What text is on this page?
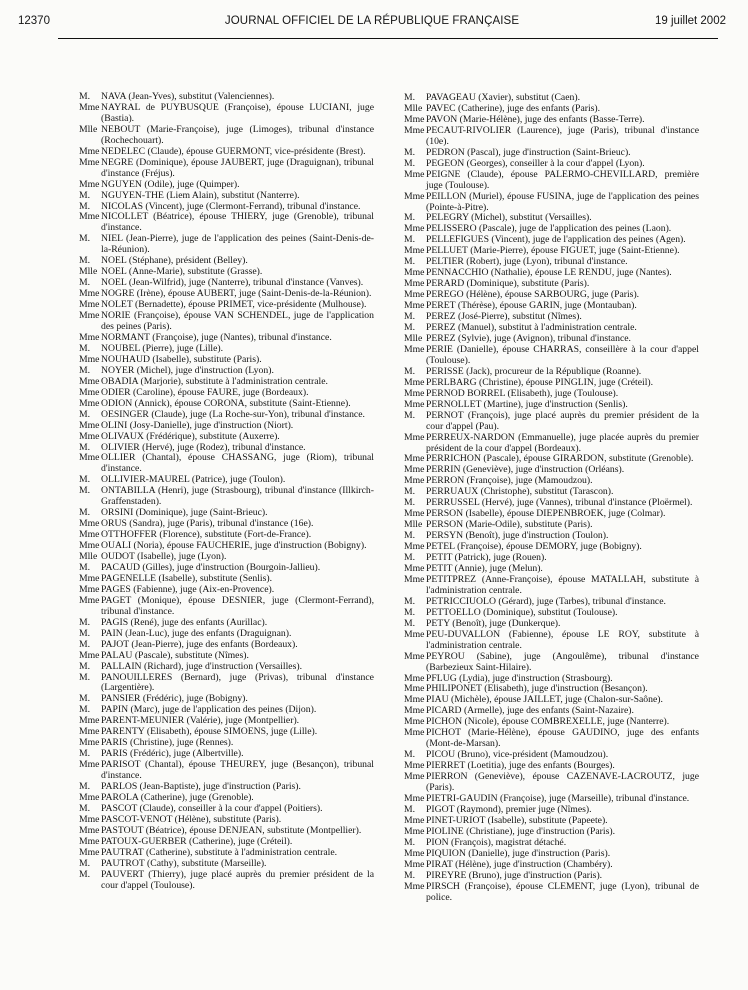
12370	JOURNAL OFFICIEL DE LA RÉPUBLIQUE FRANÇAISE	19 juillet 2002
M.	NAVA (Jean-Yves), substitut (Valenciennes).
Mme NAYRAL de PUYBUSQUE (Françoise), épouse LUCIANI, juge (Bastia).
Mlle NEBOUT (Marie-Françoise), juge (Limoges), tribunal d'instance (Rochechouart).
Mme NEDELEC (Claude), épouse GUERMONT, vice-présidente (Brest).
Mme NEGRE (Dominique), épouse JAUBERT, juge (Draguignan), tribunal d'instance (Fréjus).
Mme NGUYEN (Odile), juge (Quimper).
M.	NGUYEN-THE (Liem Alain), substitut (Nanterre).
M.	NICOLAS (Vincent), juge (Clermont-Ferrand), tribunal d'instance.
Mme NICOLLET (Béatrice), épouse THIERY, juge (Grenoble), tribunal d'instance.
M.	NIEL (Jean-Pierre), juge de l'application des peines (Saint-Denis-de-la-Réunion).
M.	NOEL (Stéphane), président (Belley).
Mlle NOEL (Anne-Marie), substitute (Grasse).
M.	NOEL (Jean-Wilfrid), juge (Nanterre), tribunal d'instance (Vanves).
Mme NOGRE (Irène), épouse AUBERT, juge (Saint-Denis-de-la-Réunion).
Mme NOLET (Bernadette), épouse PRIMET, vice-présidente (Mulhouse).
Mme NORIE (Françoise), épouse VAN SCHENDEL, juge de l'application des peines (Paris).
Mme NORMANT (Françoise), juge (Nantes), tribunal d'instance.
M.	NOUBEL (Pierre), juge (Lille).
Mme NOUHAUD (Isabelle), substitute (Paris).
M.	NOYER (Michel), juge d'instruction (Lyon).
Mme OBADIA (Marjorie), substitute à l'administration centrale.
Mme ODIER (Caroline), épouse FAURE, juge (Bordeaux).
Mme ODION (Annick), épouse CORONA, substitute (Saint-Etienne).
M.	OESINGER (Claude), juge (La Roche-sur-Yon), tribunal d'instance.
Mme OLINI (Josy-Danielle), juge d'instruction (Niort).
Mme OLIVAUX (Frédérique), substitute (Auxerre).
M.	OLIVIER (Hervé), juge (Rodez), tribunal d'instance.
Mme OLLIER (Chantal), épouse CHASSANG, juge (Riom), tribunal d'instance.
M.	OLLIVIER-MAUREL (Patrice), juge (Toulon).
M.	ONTABILLA (Henri), juge (Strasbourg), tribunal d'instance (Illkirch-Graffenstaden).
M.	ORSINI (Dominique), juge (Saint-Brieuc).
Mme ORUS (Sandra), juge (Paris), tribunal d'instance (16e).
Mme OTTHOFFER (Florence), substitute (Fort-de-France).
Mme OUALI (Noria), épouse FAUCHERIE, juge d'instruction (Bobigny).
Mlle OUDOT (Isabelle), juge (Lyon).
M.	PACAUD (Gilles), juge d'instruction (Bourgoin-Jallieu).
Mme PAGENELLE (Isabelle), substitute (Senlis).
Mme PAGES (Fabienne), juge (Aix-en-Provence).
Mme PAGET (Monique), épouse DESNIER, juge (Clermont-Ferrand), tribunal d'instance.
M.	PAGIS (René), juge des enfants (Aurillac).
M.	PAIN (Jean-Luc), juge des enfants (Draguignan).
M.	PAJOT (Jean-Pierre), juge des enfants (Bordeaux).
Mme PALAU (Pascale), substitute (Nîmes).
M.	PALLAIN (Richard), juge d'instruction (Versailles).
M.	PANOUILLERES (Bernard), juge (Privas), tribunal d'instance (Largentière).
M.	PANSIER (Frédéric), juge (Bobigny).
M.	PAPIN (Marc), juge de l'application des peines (Dijon).
Mme PARENT-MEUNIER (Valérie), juge (Montpellier).
Mme PARENTY (Elisabeth), épouse SIMOENS, juge (Lille).
Mme PARIS (Christine), juge (Rennes).
M.	PARIS (Frédéric), juge (Albertville).
Mme PARISOT (Chantal), épouse THEUREY, juge (Besançon), tribunal d'instance.
M.	PARLOS (Jean-Baptiste), juge d'instruction (Paris).
Mme PAROLA (Catherine), juge (Grenoble).
M.	PASCOT (Claude), conseiller à la cour d'appel (Poitiers).
Mme PASCOT-VENOT (Hélène), substitute (Paris).
Mme PASTOUT (Béatrice), épouse DENJEAN, substitute (Montpellier).
Mme PATOUX-GUERBER (Catherine), juge (Créteil).
Mme PAUTRAT (Catherine), substitute à l'administration centrale.
M.	PAUTROT (Cathy), substitute (Marseille).
M.	PAUVERT (Thierry), juge placé auprès du premier président de la cour d'appel (Toulouse).
M.	PAVAGEAU (Xavier), substitut (Caen).
Mlle PAVEC (Catherine), juge des enfants (Paris).
Mme PAVON (Marie-Hélène), juge des enfants (Basse-Terre).
Mme PECAUT-RIVOLIER (Laurence), juge (Paris), tribunal d'instance (10e).
M.	PEDRON (Pascal), juge d'instruction (Saint-Brieuc).
M.	PEGEON (Georges), conseiller à la cour d'appel (Lyon).
Mme PEIGNE (Claude), épouse PALERMO-CHEVILLARD, première juge (Toulouse).
Mme PEILLON (Muriel), épouse FUSINA, juge de l'application des peines (Pointe-à-Pitre).
M.	PELEGRY (Michel), substitut (Versailles).
Mme PELISSERO (Pascale), juge de l'application des peines (Laon).
M.	PELLEFIGUES (Vincent), juge de l'application des peines (Agen).
Mme PELLUET (Marie-Pierre), épouse FIGUET, juge (Saint-Etienne).
M.	PELTIER (Robert), juge (Lyon), tribunal d'instance.
Mme PENNACCHIO (Nathalie), épouse LE RENDU, juge (Nantes).
Mme PERARD (Dominique), substitute (Paris).
Mme PEREGO (Hélène), épouse SARBOURG, juge (Paris).
Mme PERET (Thérèse), épouse GARIN, juge (Montauban).
M.	PEREZ (José-Pierre), substitut (Nîmes).
M.	PEREZ (Manuel), substitut à l'administration centrale.
Mlle PEREZ (Sylvie), juge (Avignon), tribunal d'instance.
Mme PERIE (Danielle), épouse CHARRAS, conseillère à la cour d'appel (Toulouse).
M.	PERISSE (Jack), procureur de la République (Roanne).
Mme PERLBARG (Christine), épouse PINGLIN, juge (Créteil).
Mme PERNOD BORREL (Elisabeth), juge (Toulouse).
Mme PERNOLLET (Martine), juge d'instruction (Senlis).
M.	PERNOT (François), juge placé auprès du premier président de la cour d'appel (Pau).
Mme PERREUX-NARDON (Emmanuelle), juge placée auprès du premier président de la cour d'appel (Bordeaux).
Mme PERRICHON (Pascale), épouse GIRARDON, substitute (Grenoble).
Mme PERRIN (Geneviève), juge d'instruction (Orléans).
Mme PERRON (Françoise), juge (Mamoudzou).
M.	PERRUAUX (Christophe), substitut (Tarascon).
M.	PERRUSSEL (Hervé), juge (Vannes), tribunal d'instance (Ploërmel).
Mme PERSON (Isabelle), épouse DIEPENBROEK, juge (Colmar).
Mlle PERSON (Marie-Odile), substitute (Paris).
M.	PERSYN (Benoît), juge d'instruction (Toulon).
Mme PETEL (Françoise), épouse DEMORY, juge (Bobigny).
M.	PETIT (Patrick), juge (Rouen).
Mme PETIT (Annie), juge (Melun).
Mme PETITPREZ (Anne-Françoise), épouse MATALLAH, substitute à l'administration centrale.
M.	PETRICCIUOLO (Gérard), juge (Tarbes), tribunal d'instance.
M.	PETTOELLO (Dominique), substitut (Toulouse).
M.	PETY (Benoît), juge (Dunkerque).
Mme PEU-DUVALLON (Fabienne), épouse LE ROY, substitute à l'administration centrale.
Mme PEYROU (Sabine), juge (Angoulême), tribunal d'instance (Barbezieux Saint-Hilaire).
Mme PFLUG (Lydia), juge d'instruction (Strasbourg).
Mme PHILIPONET (Elisabeth), juge d'instruction (Besançon).
Mme PIAU (Michèle), épouse JAILLET, juge (Chalon-sur-Saône).
Mme PICARD (Armelle), juge des enfants (Saint-Nazaire).
Mme PICHON (Nicole), épouse COMBREXELLE, juge (Nanterre).
Mme PICHOT (Marie-Hélène), épouse GAUDINO, juge des enfants (Mont-de-Marsan).
M.	PICOU (Bruno), vice-président (Mamoudzou).
Mme PIERRET (Loetitia), juge des enfants (Bourges).
Mme PIERRON (Geneviève), épouse CAZENAVE-LACROUTZ, juge (Paris).
Mme PIETRI-GAUDIN (Françoise), juge (Marseille), tribunal d'instance.
M.	PIGOT (Raymond), premier juge (Nîmes).
Mme PINET-URIOT (Isabelle), substitute (Papeete).
Mme PIOLINE (Christiane), juge d'instruction (Paris).
M.	PION (François), magistrat détaché.
Mme PIQUION (Danielle), juge d'instruction (Paris).
Mme PIRAT (Hélène), juge d'instruction (Chambéry).
M.	PIREYRE (Bruno), juge d'instruction (Paris).
Mme PIRSCH (Françoise), épouse CLEMENT, juge (Lyon), tribunal de police.
